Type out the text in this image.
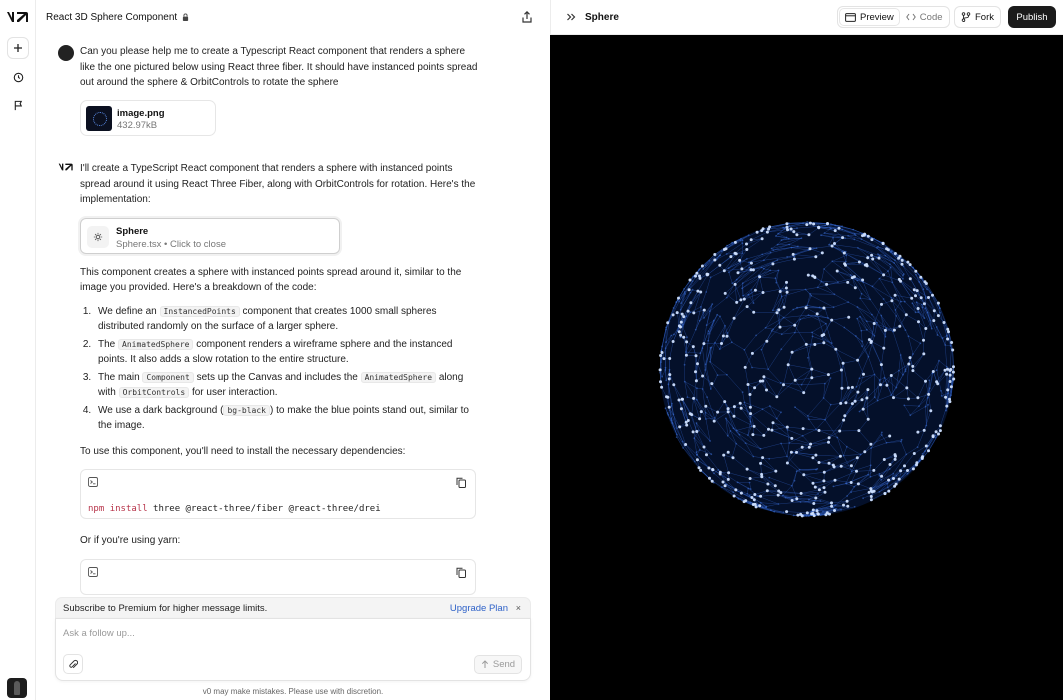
React 3D Sphere Component
Can you please help me to create a Typescript React component that renders a sphere like the one pictured below using React three fiber. It should have instanced points spread out around the sphere & OrbitControls to rotate the sphere
image.png
432.97kB

I'll create a TypeScript React component that renders a sphere with instanced points spread around it using React Three Fiber, along with OrbitControls for rotation. Here's the implementation:

Sphere
Sphere.tsx • Click to close

This component creates a sphere with instanced points spread around it, similar to the image you provided. Here's a breakdown of the code:

1. We define an InstancedPoints component that creates 1000 small spheres distributed randomly on the surface of a larger sphere.
2. The AnimatedSphere component renders a wireframe sphere and the instanced points. It also adds a slow rotation to the entire structure.
3. The main Component sets up the Canvas and includes the AnimatedSphere along with OrbitControls for user interaction.
4. We use a dark background ( bg-black ) to make the blue points stand out, similar to the image.

To use this component, you'll need to install the necessary dependencies:

npm install three @react-three/fiber @react-three/drei

Or if you're using yarn:

Subscribe to Premium for higher message limits.	Upgrade Plan ×
Ask a follow up...
Send
v0 may make mistakes. Please use with discretion.
Sphere	Preview	Code	Fork	Publish
